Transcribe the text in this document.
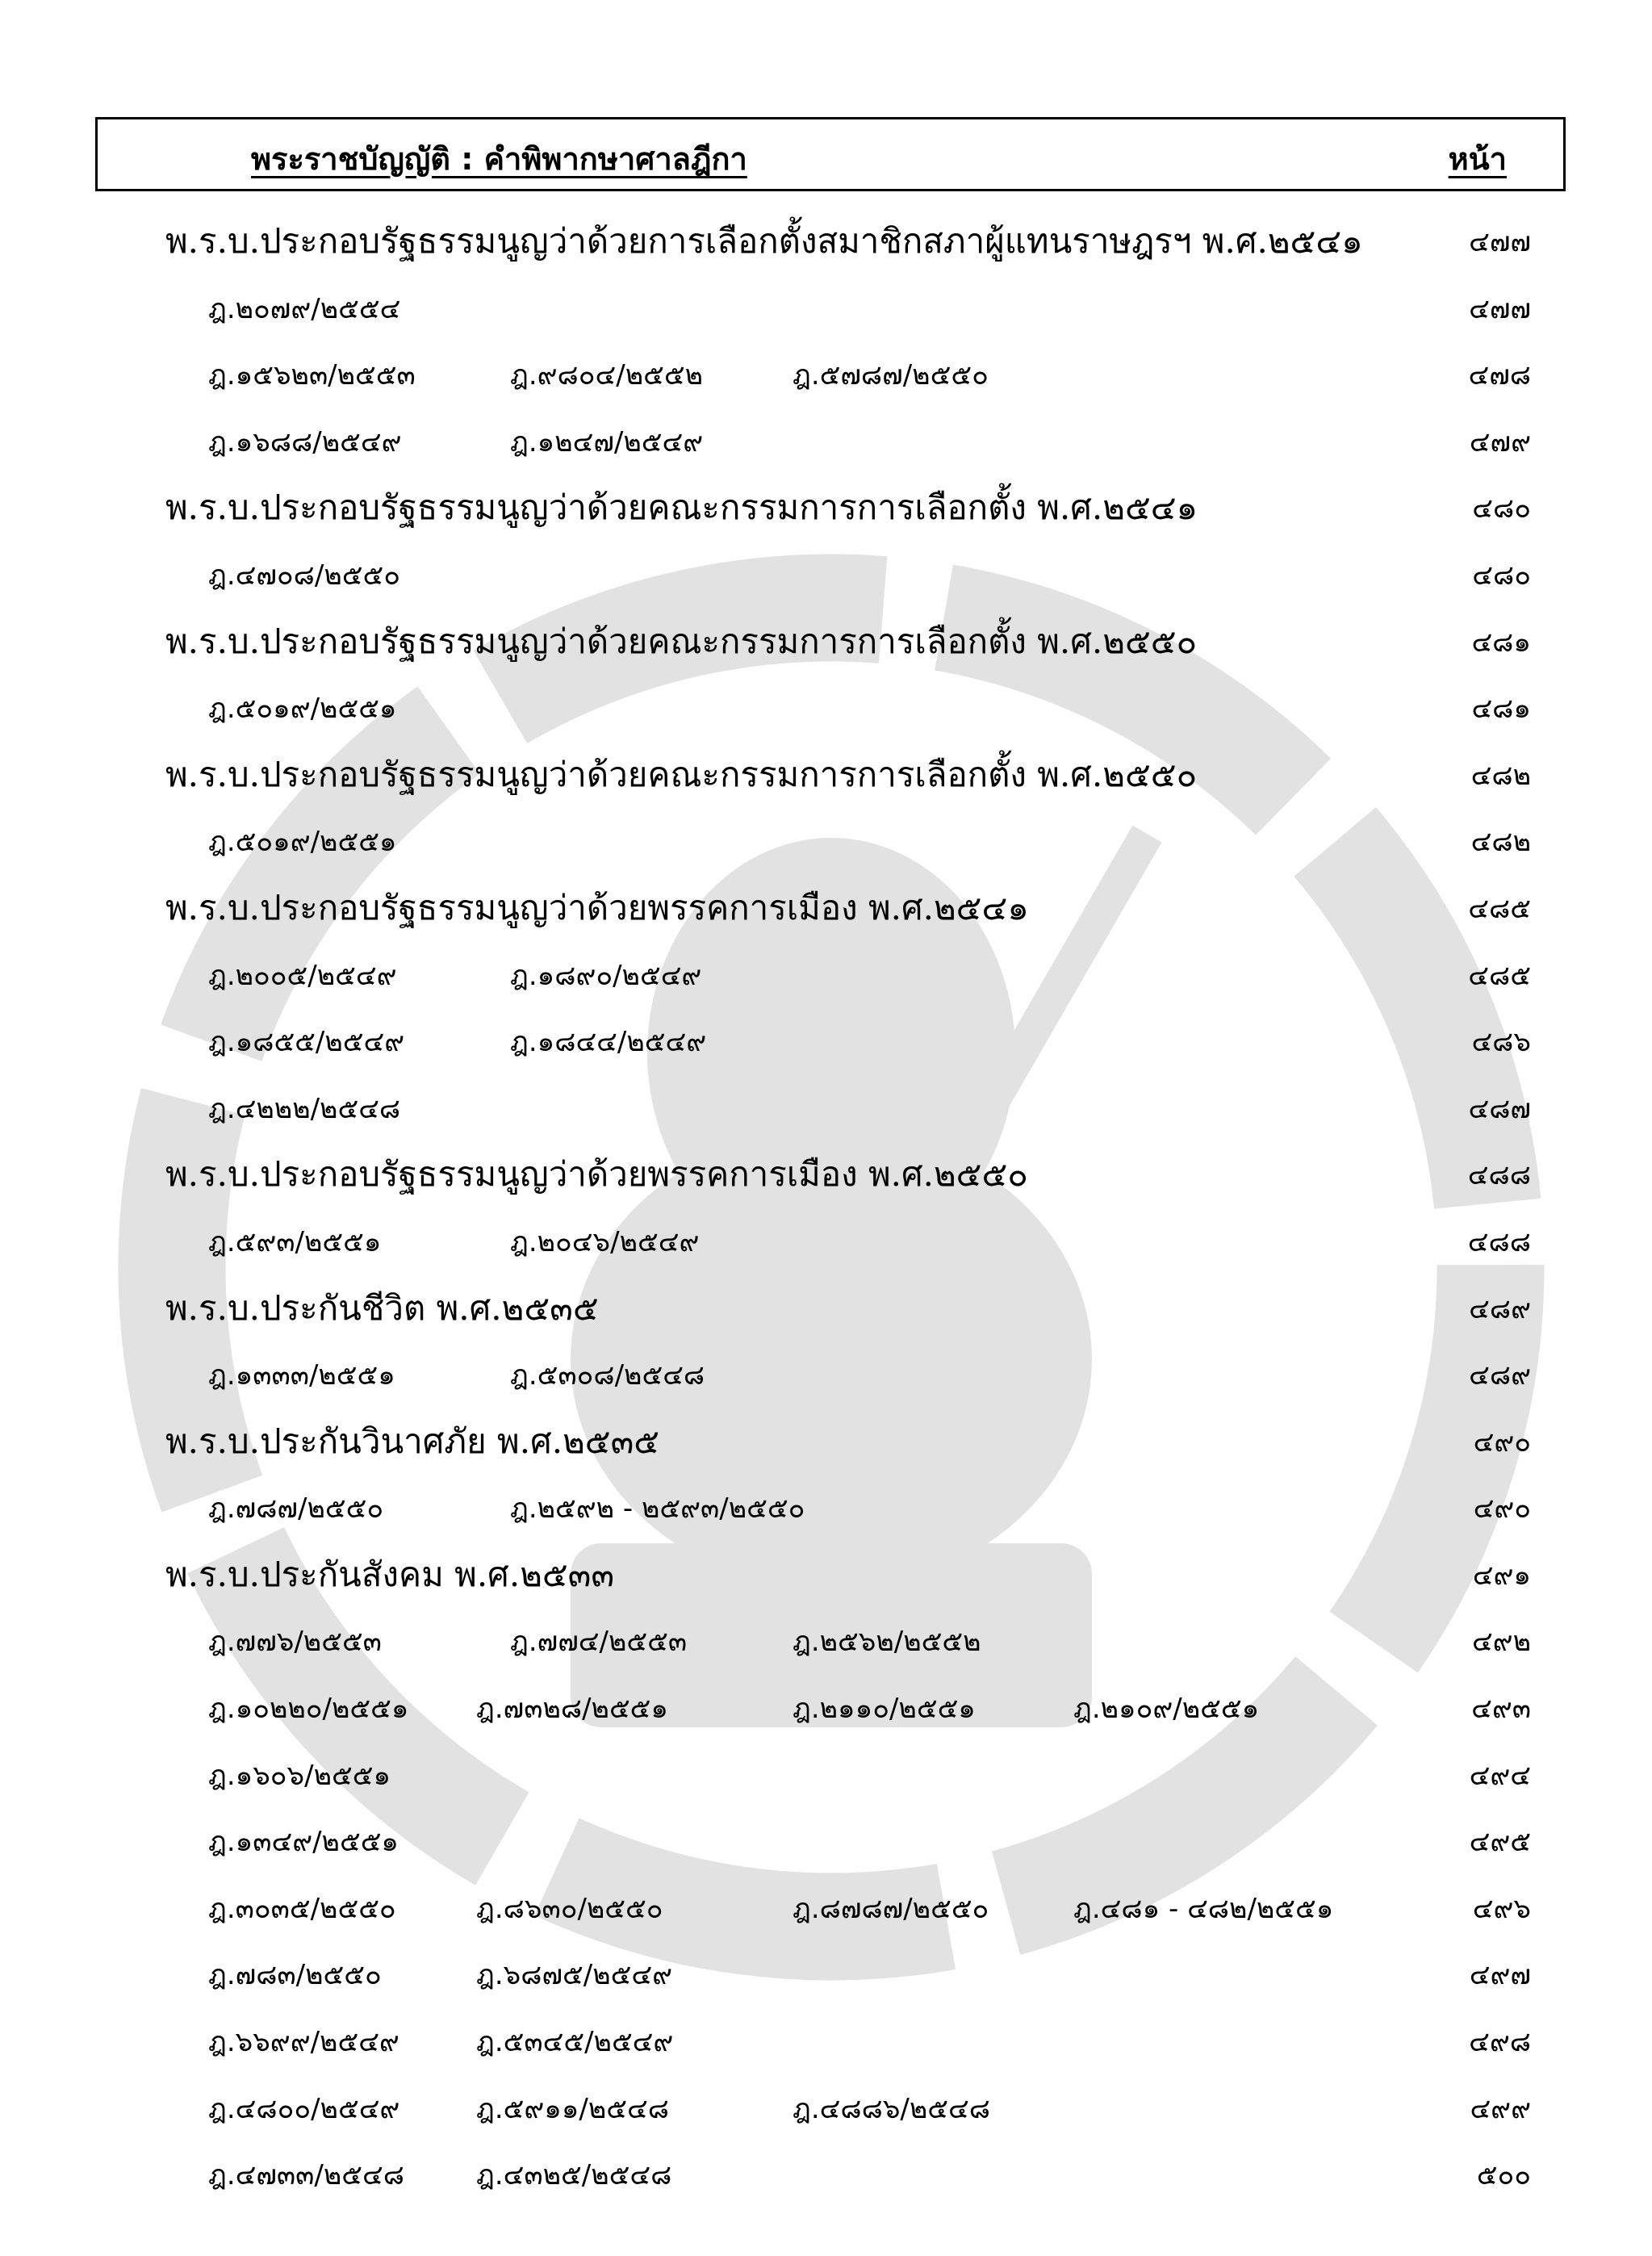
พระราชบัญญัติ : คำพิพากษาศาลฎีกา	หน้า
พ.ร.บ.ประกอบรัฐธรรมนูญว่าด้วยการเลือกตั้งสมาชิกสภาผู้แทนราษฎรฯ พ.ศ.๒๕๔๑	๔๗๗
ฎ.๒๐๗๙/๒๕๕๔	๔๗๗
ฎ.๑๕๖๒๓/๒๕๕๓	ฎ.๙๘๐๔/๒๕๕๒	ฎ.๕๗๘๗/๒๕๕๐	๔๗๘
ฎ.๑๖๘๘/๒๕๔๙	ฎ.๑๒๔๗/๒๕๔๙	๔๗๙
พ.ร.บ.ประกอบรัฐธรรมนูญว่าด้วยคณะกรรมการการเลือกตั้ง พ.ศ.๒๕๔๑	๔๘๐
ฎ.๔๗๐๘/๒๕๕๐	๔๘๐
พ.ร.บ.ประกอบรัฐธรรมนูญว่าด้วยคณะกรรมการการเลือกตั้ง พ.ศ.๒๕๕๐	๔๘๑
ฎ.๕๐๑๙/๒๕๕๑	๔๘๑
พ.ร.บ.ประกอบรัฐธรรมนูญว่าด้วยคณะกรรมการการเลือกตั้ง พ.ศ.๒๕๕๐	๔๘๒
ฎ.๕๐๑๙/๒๕๕๑	๔๘๒
พ.ร.บ.ประกอบรัฐธรรมนูญว่าด้วยพรรคการเมือง พ.ศ.๒๕๔๑	๔๘๕
ฎ.๒๐๐๕/๒๕๔๙	ฎ.๑๘๙๐/๒๕๔๙	๔๘๕
ฎ.๑๘๕๕/๒๕๔๙	ฎ.๑๘๔๔/๒๕๔๙	๔๘๖
ฎ.๔๒๒๒/๒๕๔๘	๔๘๗
พ.ร.บ.ประกอบรัฐธรรมนูญว่าด้วยพรรคการเมือง พ.ศ.๒๕๕๐	๔๘๘
ฎ.๕๙๓/๒๕๕๑	ฎ.๒๐๔๖/๒๕๔๙	๔๘๘
พ.ร.บ.ประกันชีวิต พ.ศ.๒๕๓๕	๔๘๙
ฎ.๑๓๓๓/๒๕๕๑	ฎ.๕๓๐๘/๒๕๔๘	๔๘๙
พ.ร.บ.ประกันวินาศภัย พ.ศ.๒๕๓๕	๔๙๐
ฎ.๗๘๗/๒๕๕๐	ฎ.๒๕๙๒ - ๒๕๙๓/๒๕๕๐	๔๙๐
พ.ร.บ.ประกันสังคม พ.ศ.๒๕๓๓	๔๙๑
ฎ.๗๗๖/๒๕๕๓	ฎ.๗๗๔/๒๕๕๓	ฎ.๒๕๖๒/๒๕๕๒	๔๙๒
ฎ.๑๐๒๒๐/๒๕๕๑ ฎ.๗๓๒๘/๒๕๕๑	ฎ.๒๑๑๐/๒๕๕๑	ฎ.๒๑๐๙/๒๕๕๑	๔๙๓
ฎ.๑๖๐๖/๒๕๕๑	๔๙๔
ฎ.๑๓๔๙/๒๕๕๑	๔๙๕
ฎ.๓๐๓๕/๒๕๕๐	ฎ.๘๖๓๐/๒๕๕๐	ฎ.๘๗๘๗/๒๕๕๐	ฎ.๔๘๑ - ๔๘๒/๒๕๕๑	๔๙๖
ฎ.๗๘๓/๒๕๕๐	ฎ.๖๘๗๕/๒๕๔๙	๔๙๗
ฎ.๖๖๙๙/๒๕๔๙	ฎ.๕๓๔๕/๒๕๔๙	๔๙๘
ฎ.๔๘๐๐/๒๕๔๙	ฎ.๕๙๑๑/๒๕๔๘	ฎ.๔๘๘๖/๒๕๔๘	๔๙๙
ฎ.๔๗๓๓/๒๕๔๘	ฎ.๔๓๒๕/๒๕๔๘	๕๐๐
